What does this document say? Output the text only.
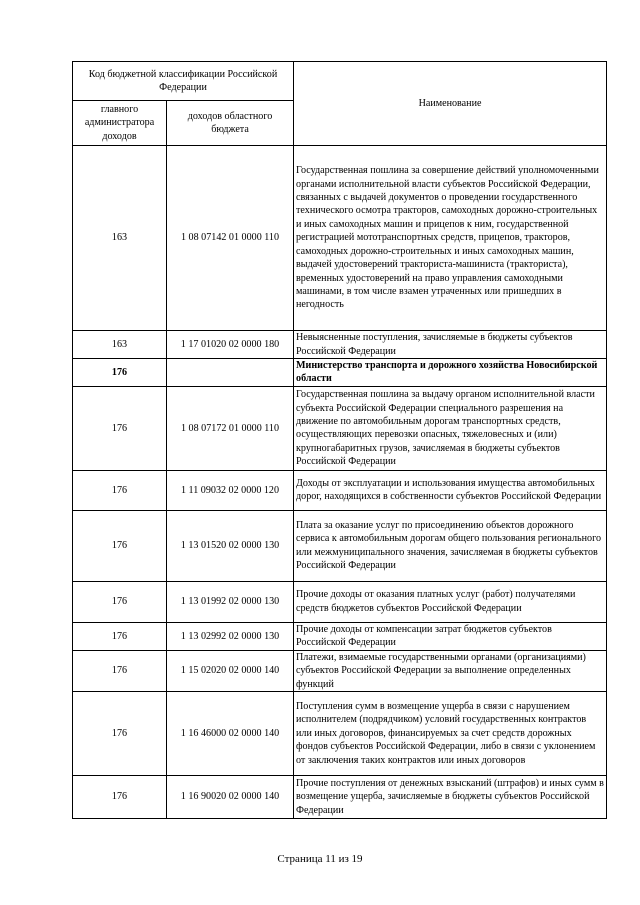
Код бюджетной классификации Российской Федерации		Наименование
главного администратора доходов	доходов областного бюджета	
163	1 08 07142 01 0000 110	Государственная пошлина за совершение действий уполномоченными органами исполнительной власти субъектов Российской Федерации, связанных с выдачей документов о проведении государственного технического осмотра тракторов, самоходных дорожно-строительных и иных самоходных машин и прицепов к ним, государственной регистрацией мототранспортных средств, прицепов, тракторов, самоходных дорожно-строительных и иных самоходных машин, выдачей удостоверений тракториста-машиниста (тракториста), временных удостоверений на право управления самоходными машинами, в том числе взамен утраченных или пришедших в негодность
163	1 17 01020 02 0000 180	Невыясненные поступления, зачисляемые в бюджеты субъектов Российской Федерации
176		Министерство транспорта и дорожного хозяйства Новосибирской области
176	1 08 07172 01 0000 110	Государственная пошлина за выдачу органом исполнительной власти субъекта Российской Федерации специального разрешения на движение по автомобильным дорогам транспортных средств, осуществляющих перевозки опасных, тяжеловесных и (или) крупногабаритных грузов, зачисляемая в бюджеты субъектов Российской Федерации
176	1 11 09032 02 0000 120	Доходы от эксплуатации и использования имущества автомобильных дорог, находящихся в собственности субъектов Российской Федерации
176	1 13 01520 02 0000 130	Плата за оказание услуг по присоединению объектов дорожного сервиса к автомобильным дорогам общего пользования регионального или межмуниципального значения, зачисляемая в бюджеты субъектов Российской Федерации
176	1 13 01992 02 0000 130	Прочие доходы от оказания платных услуг (работ) получателями средств бюджетов субъектов Российской Федерации
176	1 13 02992 02 0000 130	Прочие доходы от компенсации затрат бюджетов субъектов Российской Федерации
176	1 15 02020 02 0000 140	Платежи, взимаемые государственными органами (организациями) субъектов Российской Федерации за выполнение определенных функций
176	1 16 46000 02 0000 140	Поступления сумм в возмещение ущерба в связи с нарушением исполнителем (подрядчиком) условий государственных контрактов или иных договоров, финансируемых за счет средств дорожных фондов субъектов Российской Федерации, либо в связи с уклонением от заключения таких контрактов или иных договоров
176	1 16 90020 02 0000 140	Прочие поступления от денежных взысканий (штрафов) и иных сумм в возмещение ущерба, зачисляемые в бюджеты субъектов Российской Федерации
Страница 11 из 19
